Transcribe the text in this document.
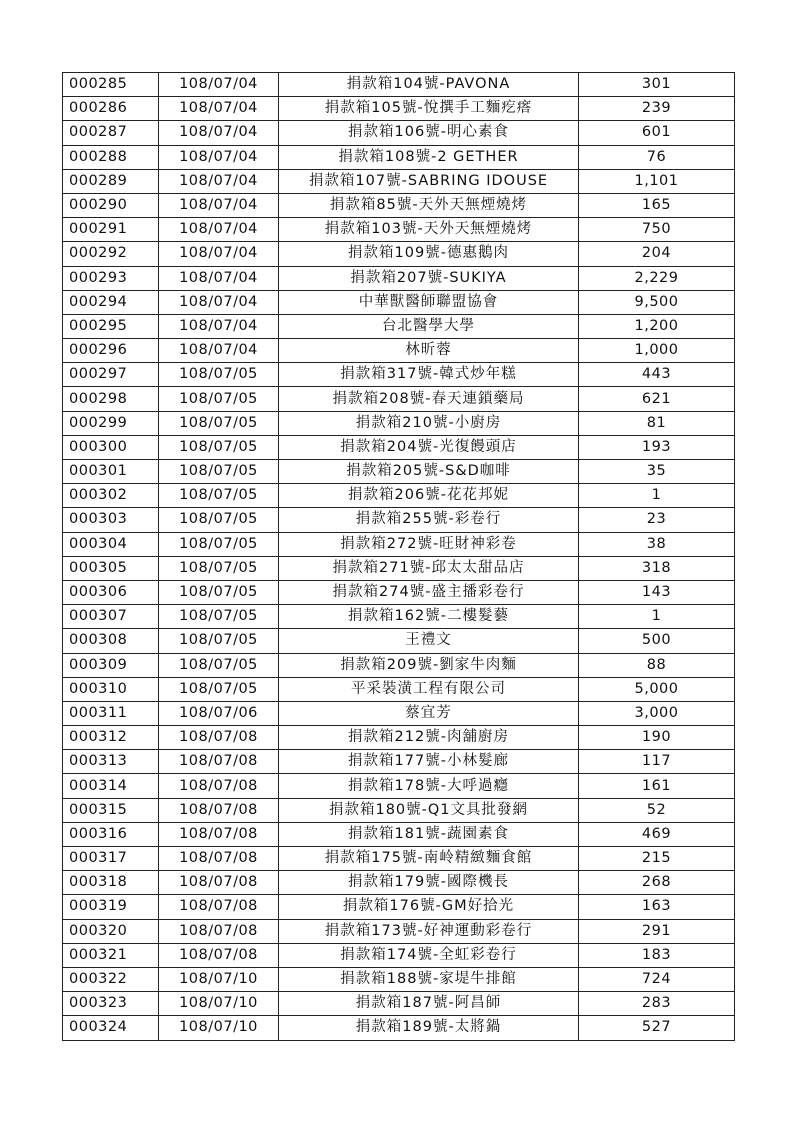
000285	108/07/04	捐款箱104號-PAVONA	301
000286	108/07/04	捐款箱105號-悅撰手工麵疙瘩	239
000287	108/07/04	捐款箱106號-明心素食	601
000288	108/07/04	捐款箱108號-2 GETHER	76
000289	108/07/04	捐款箱107號-SABRING IDOUSE	1,101
000290	108/07/04	捐款箱85號-天外天無煙燒烤	165
000291	108/07/04	捐款箱103號-天外天無煙燒烤	750
000292	108/07/04	捐款箱109號-德惠鵝肉	204
000293	108/07/04	捐款箱207號-SUKIYA	2,229
000294	108/07/04	中華獸醫師聯盟協會	9,500
000295	108/07/04	台北醫學大學	1,200
000296	108/07/04	林昕蓉	1,000
000297	108/07/05	捐款箱317號-韓式炒年糕	443
000298	108/07/05	捐款箱208號-春天連鎖藥局	621
000299	108/07/05	捐款箱210號-小廚房	81
000300	108/07/05	捐款箱204號-光復饅頭店	193
000301	108/07/05	捐款箱205號-S&D咖啡	35
000302	108/07/05	捐款箱206號-花花邦妮	1
000303	108/07/05	捐款箱255號-彩卷行	23
000304	108/07/05	捐款箱272號-旺財神彩卷	38
000305	108/07/05	捐款箱271號-邱太太甜品店	318
000306	108/07/05	捐款箱274號-盛主播彩卷行	143
000307	108/07/05	捐款箱162號-二樓髮藝	1
000308	108/07/05	王禮文	500
000309	108/07/05	捐款箱209號-劉家牛肉麵	88
000310	108/07/05	平采裝潢工程有限公司	5,000
000311	108/07/06	蔡宜芳	3,000
000312	108/07/08	捐款箱212號-肉舖廚房	190
000313	108/07/08	捐款箱177號-小林髮廊	117
000314	108/07/08	捐款箱178號-大呼過癮	161
000315	108/07/08	捐款箱180號-Q1文具批發網	52
000316	108/07/08	捐款箱181號-蔬園素食	469
000317	108/07/08	捐款箱175號-南岭精緻麵食館	215
000318	108/07/08	捐款箱179號-國際機長	268
000319	108/07/08	捐款箱176號-GM好拾光	163
000320	108/07/08	捐款箱173號-好神運動彩卷行	291
000321	108/07/08	捐款箱174號-全虹彩卷行	183
000322	108/07/10	捐款箱188號-家堤牛排館	724
000323	108/07/10	捐款箱187號-阿昌師	283
000324	108/07/10	捐款箱189號-太將鍋	527
